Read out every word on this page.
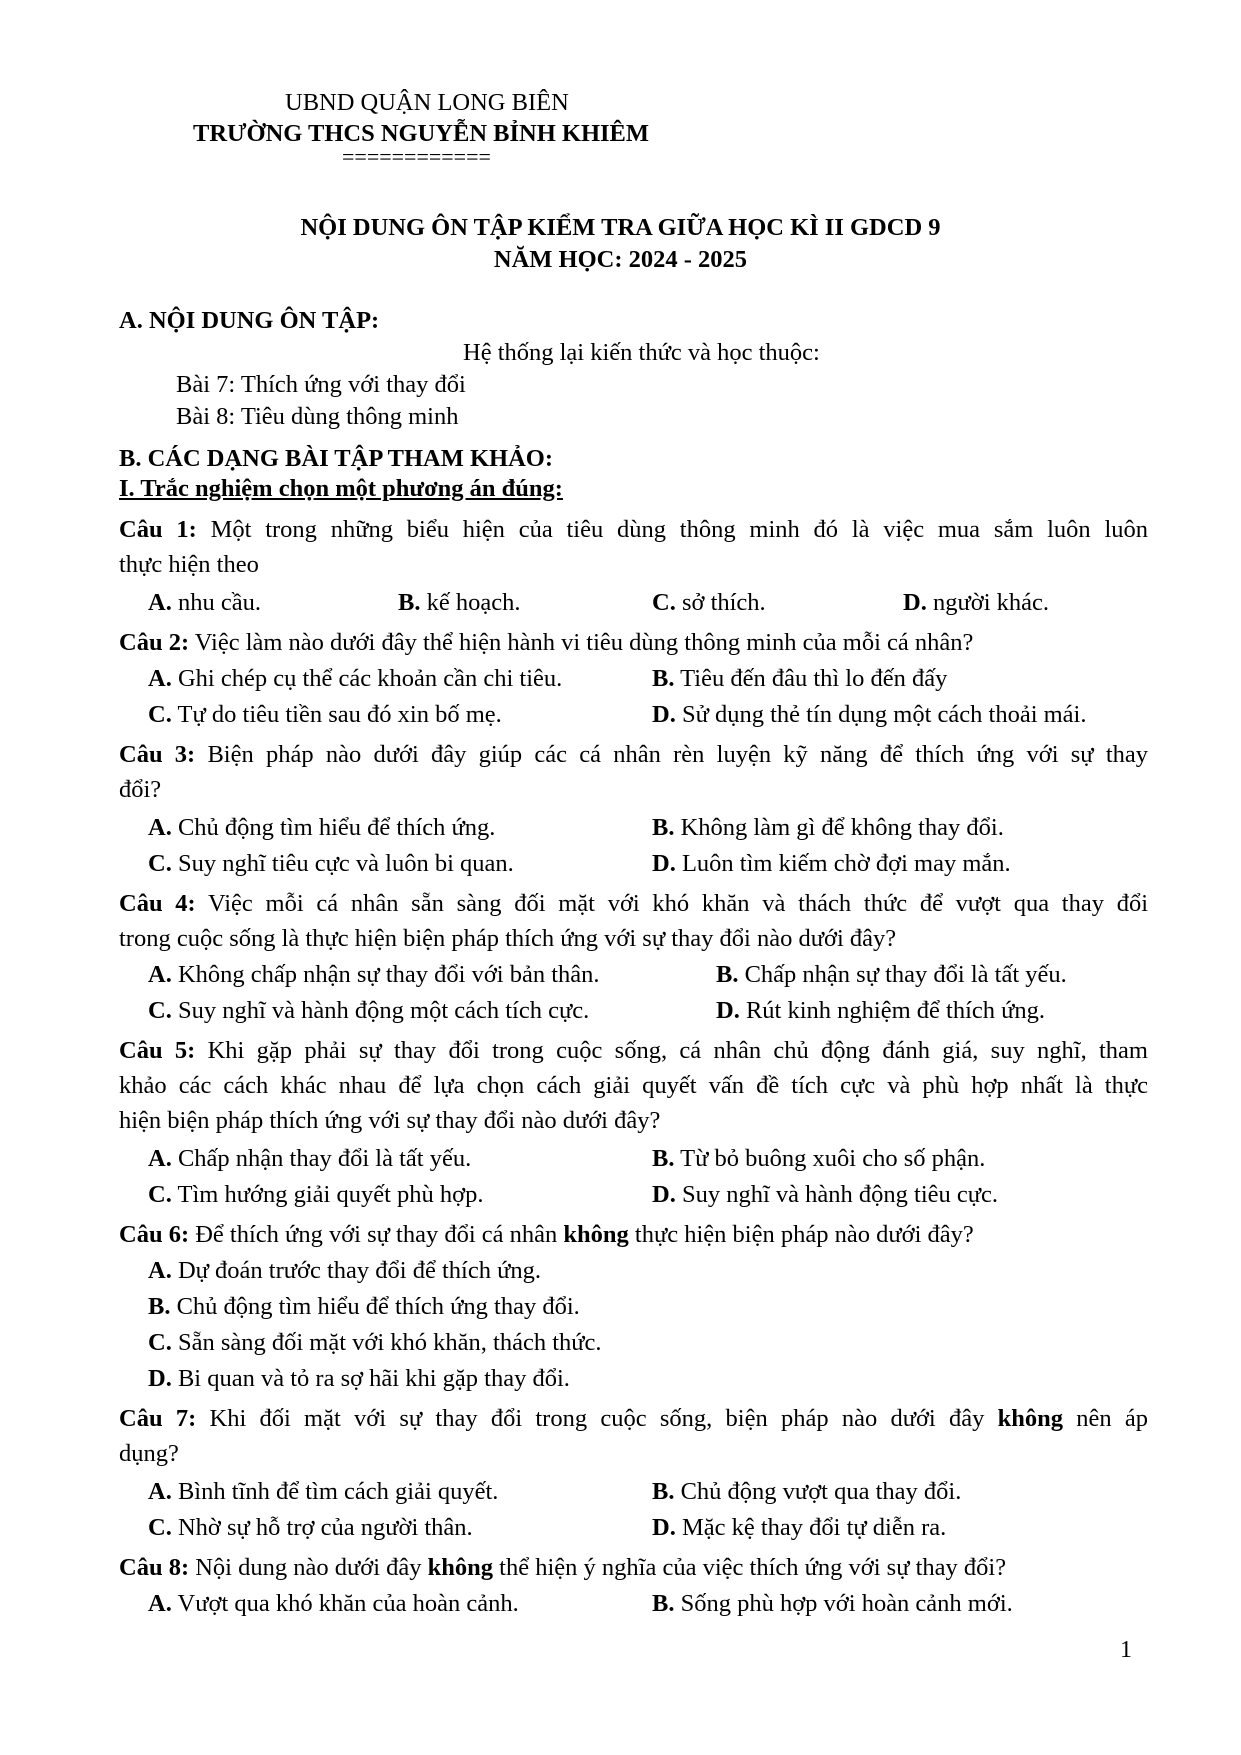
UBND QUẬN LONG BIÊN
TRƯỜNG THCS NGUYỄN BỈNH KHIÊM
============
NỘI DUNG ÔN TẬP KIỂM TRA GIỮA HỌC KÌ II GDCD 9
NĂM HỌC: 2024 - 2025
A. NỘI DUNG ÔN TẬP:
Hệ thống lại kiến thức và học thuộc:
Bài 7: Thích ứng với thay đổi
Bài 8: Tiêu dùng thông minh
B. CÁC DẠNG BÀI TẬP THAM KHẢO:
I. Trắc nghiệm chọn một phương án đúng:
Câu 1: Một trong những biểu hiện của tiêu dùng thông minh đó là việc mua sắm luôn luôn
thực hiện theo
A. nhu cầu.	B. kế hoạch.	C. sở thích.	D. người khác.
Câu 2: Việc làm nào dưới đây thể hiện hành vi tiêu dùng thông minh của mỗi cá nhân?
A. Ghi chép cụ thể các khoản cần chi tiêu.	B. Tiêu đến đâu thì lo đến đấy
C. Tự do tiêu tiền sau đó xin bố mẹ.	D. Sử dụng thẻ tín dụng một cách thoải mái.
Câu 3: Biện pháp nào dưới đây giúp các cá nhân rèn luyện kỹ năng để thích ứng với sự thay
đổi?
A. Chủ động tìm hiểu để thích ứng.	B. Không làm gì để không thay đổi.
C. Suy nghĩ tiêu cực và luôn bi quan.	D. Luôn tìm kiếm chờ đợi may mắn.
Câu 4: Việc mỗi cá nhân sẵn sàng đối mặt với khó khăn và thách thức để vượt qua thay đổi
trong cuộc sống là thực hiện biện pháp thích ứng với sự thay đổi nào dưới đây?
A. Không chấp nhận sự thay đổi với bản thân.	B. Chấp nhận sự thay đổi là tất yếu.
C. Suy nghĩ và hành động một cách tích cực.	D. Rút kinh nghiệm để thích ứng.
Câu 5: Khi gặp phải sự thay đổi trong cuộc sống, cá nhân chủ động đánh giá, suy nghĩ, tham
khảo các cách khác nhau để lựa chọn cách giải quyết vấn đề tích cực và phù hợp nhất là thực
hiện biện pháp thích ứng với sự thay đổi nào dưới đây?
A. Chấp nhận thay đổi là tất yếu.	B. Từ bỏ buông xuôi cho số phận.
C. Tìm hướng giải quyết phù hợp.	D. Suy nghĩ và hành động tiêu cực.
Câu 6: Để thích ứng với sự thay đổi cá nhân không thực hiện biện pháp nào dưới đây?
A. Dự đoán trước thay đổi để thích ứng.
B. Chủ động tìm hiểu để thích ứng thay đổi.
C. Sẵn sàng đối mặt với khó khăn, thách thức.
D. Bi quan và tỏ ra sợ hãi khi gặp thay đổi.
Câu 7: Khi đối mặt với sự thay đổi trong cuộc sống, biện pháp nào dưới đây không nên áp
dụng?
A. Bình tĩnh để tìm cách giải quyết.	B. Chủ động vượt qua thay đổi.
C. Nhờ sự hỗ trợ của người thân.	D. Mặc kệ thay đổi tự diễn ra.
Câu 8: Nội dung nào dưới đây không thể hiện ý nghĩa của việc thích ứng với sự thay đổi?
A. Vượt qua khó khăn của hoàn cảnh.	B. Sống phù hợp với hoàn cảnh mới.
1
